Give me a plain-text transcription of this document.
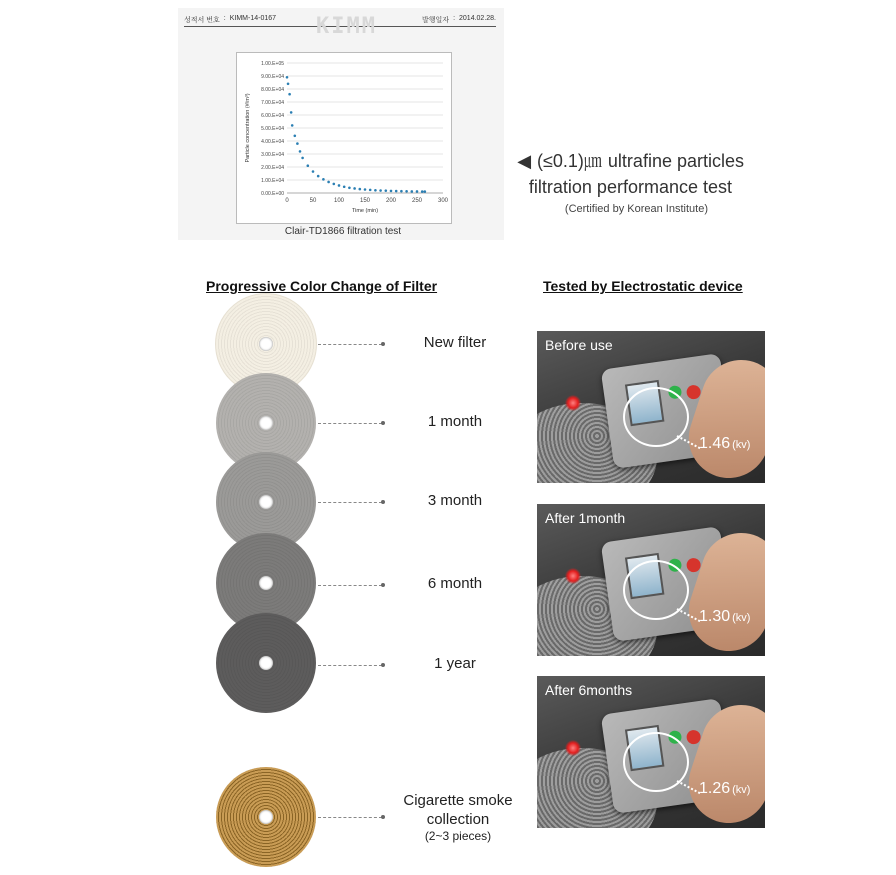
성적서 번호 : KIMM-14-0167	발행일자 : 2014.02.28.
KIMM
0.00.E+00
1.00.E+04
2.00.E+04
3.00.E+04
4.00.E+04
5.00.E+04
6.00.E+04
7.00.E+04
8.00.E+04
9.00.E+04
1.00.E+05
0	50	100	150	200	250	300
Time (min)
Particle concentration (#/m³)
Clair-TD1866 filtration test
◀ (≤0.1)㎛ ultrafine particles
filtration performance test
(Certified by Korean Institute)
Progressive Color Change of Filter	Tested by Electrostatic device
New filter
1 month
3 month
6 month
1 year
Cigarette smoke
collection
(2~3 pieces)
1.46 (kv)
Before use
1.30 (kv)
After 1month
1.26 (kv)
After 6months
